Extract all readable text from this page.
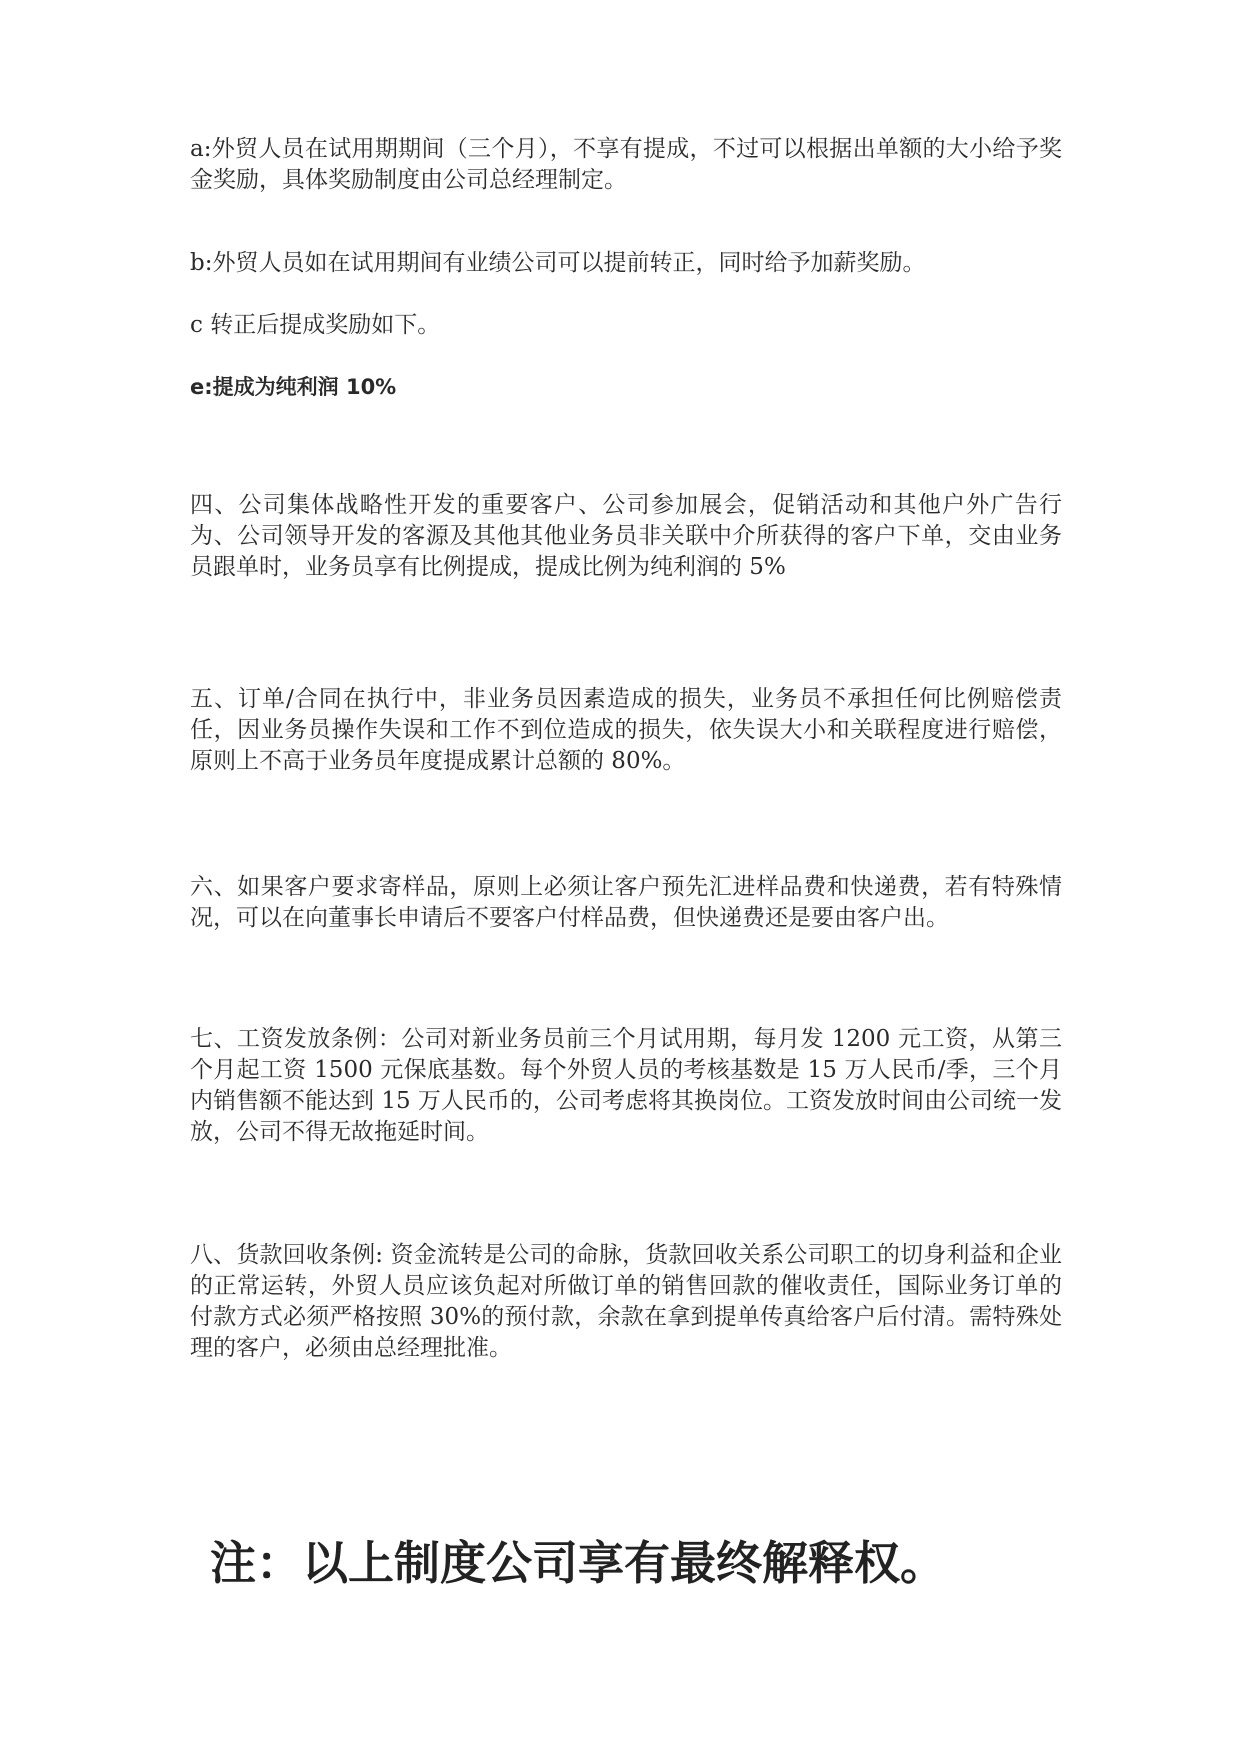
a:外贸人员在试用期期间（三个月），不享有提成，不过可以根据出单额的大小给予奖金奖励，具体奖励制度由公司总经理制定。

b:外贸人员如在试用期间有业绩公司可以提前转正，同时给予加薪奖励。

c 转正后提成奖励如下。

e:提成为纯利润 10%

四、公司集体战略性开发的重要客户、公司参加展会，促销活动和其他户外广告行为、公司领导开发的客源及其他其他业务员非关联中介所获得的客户下单，交由业务员跟单时，业务员享有比例提成，提成比例为纯利润的 5%

五、订单/合同在执行中，非业务员因素造成的损失，业务员不承担任何比例赔偿责任，因业务员操作失误和工作不到位造成的损失，依失误大小和关联程度进行赔偿，原则上不高于业务员年度提成累计总额的 80%。

六、如果客户要求寄样品，原则上必须让客户预先汇进样品费和快递费，若有特殊情况，可以在向董事长申请后不要客户付样品费，但快递费还是要由客户出。

七、工资发放条例：公司对新业务员前三个月试用期，每月发 1200 元工资，从第三个月起工资 1500 元保底基数。每个外贸人员的考核基数是 15 万人民币/季，三个月内销售额不能达到 15 万人民币的，公司考虑将其换岗位。工资发放时间由公司统一发放，公司不得无故拖延时间。

八、货款回收条例: 资金流转是公司的命脉，货款回收关系公司职工的切身利益和企业的正常运转，外贸人员应该负起对所做订单的销售回款的催收责任，国际业务订单的付款方式必须严格按照 30%的预付款，余款在拿到提单传真给客户后付清。需特殊处理的客户，必须由总经理批准。

注：以上制度公司享有最终解释权。
